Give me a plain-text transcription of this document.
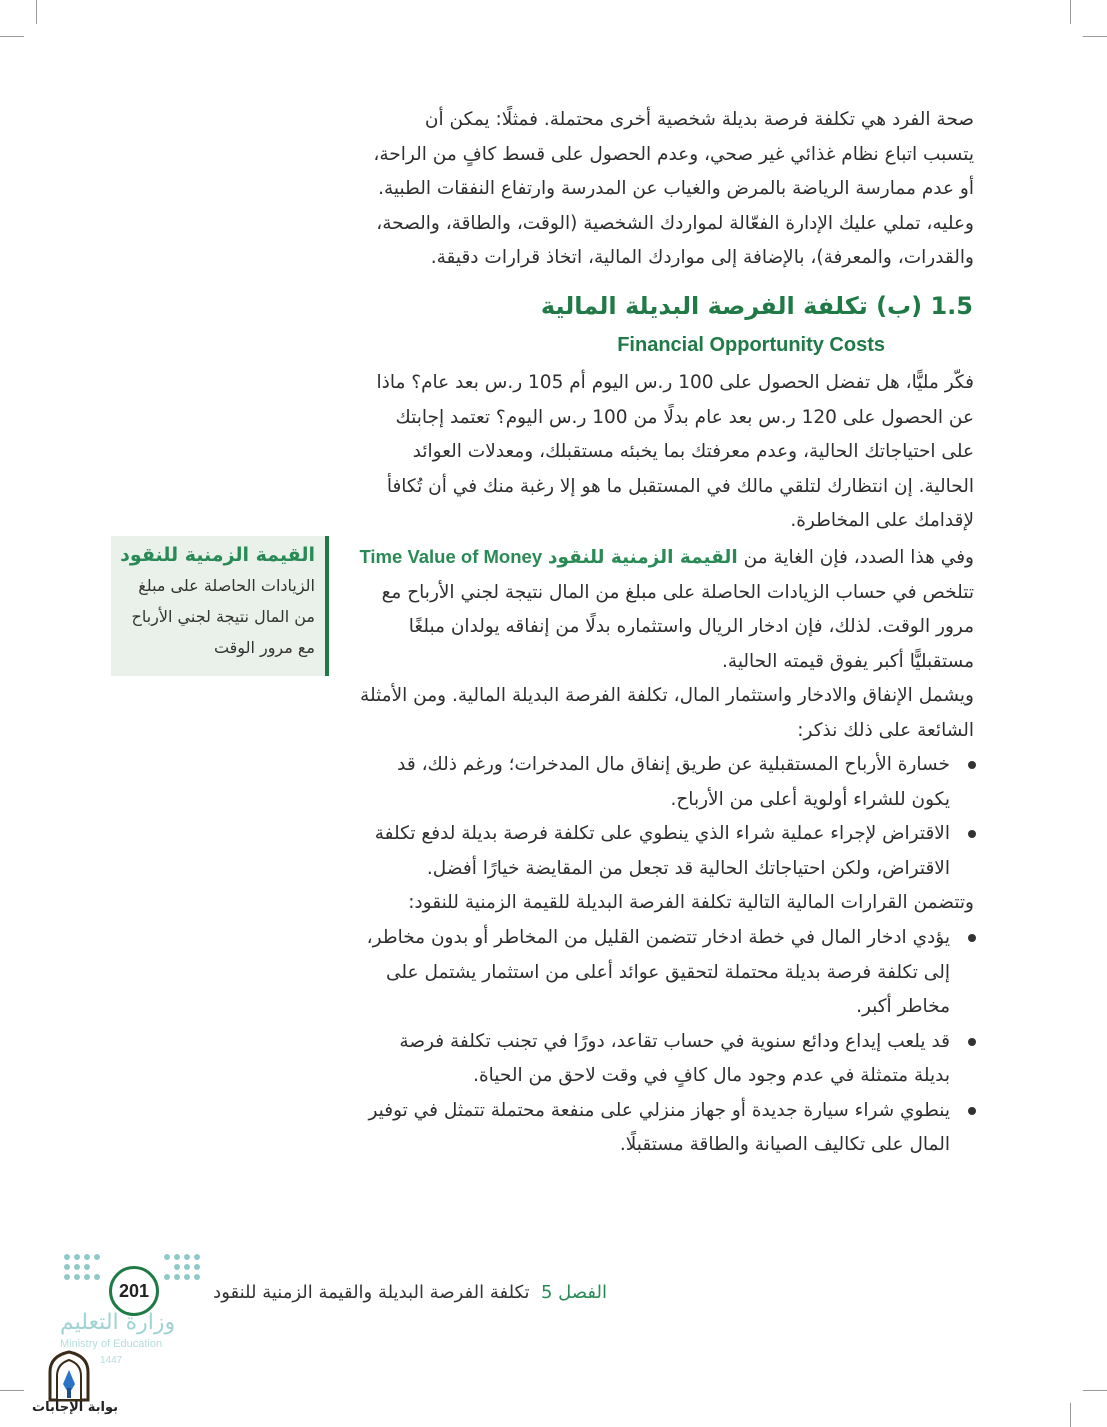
صحة الفرد هي تكلفة فرصة بديلة شخصية أخرى محتملة. فمثلًا: يمكن أن

يتسبب اتباع نظام غذائي غير صحي، وعدم الحصول على قسط كافٍ من الراحة،

أو عدم ممارسة الرياضة بالمرض والغياب عن المدرسة وارتفاع النفقات الطبية.

وعليه، تملي عليك الإدارة الفعّالة لمواردك الشخصية (الوقت، والطاقة، والصحة،

والقدرات، والمعرفة)، بالإضافة إلى مواردك المالية، اتخاذ قرارات دقيقة.

1.5 (ب) تكلفة الفرصة البديلة المالية
Financial Opportunity Costs

فكّر مليًّا، هل تفضل الحصول على 100 ر.س اليوم أم 105 ر.س بعد عام؟ ماذا

عن الحصول على 120 ر.س بعد عام بدلًا من 100 ر.س اليوم؟ تعتمد إجابتك

على احتياجاتك الحالية، وعدم معرفتك بما يخبئه مستقبلك، ومعدلات العوائد

الحالية. إن انتظارك لتلقي مالك في المستقبل ما هو إلا رغبة منك في أن تُكافأ

لإقدامك على المخاطرة.

وفي هذا الصدد، فإن الغاية من القيمة الزمنية للنقود Time Value of Money

تتلخص في حساب الزيادات الحاصلة على مبلغ من المال نتيجة لجني الأرباح مع

مرور الوقت. لذلك، فإن ادخار الريال واستثماره بدلًا من إنفاقه يولدان مبلغًا

مستقبليًّا أكبر يفوق قيمته الحالية.

القيمة الزمنية للنقود
الزيادات الحاصلة على مبلغ
من المال نتيجة لجني الأرباح
مع مرور الوقت

ويشمل الإنفاق والادخار واستثمار المال، تكلفة الفرصة البديلة المالية. ومن الأمثلة

الشائعة على ذلك نذكر:

خسارة الأرباح المستقبلية عن طريق إنفاق مال المدخرات؛ ورغم ذلك، قد
يكون للشراء أولوية أعلى من الأرباح.
الاقتراض لإجراء عملية شراء الذي ينطوي على تكلفة فرصة بديلة لدفع تكلفة
الاقتراض، ولكن احتياجاتك الحالية قد تجعل من المقايضة خيارًا أفضل.

وتتضمن القرارات المالية التالية تكلفة الفرصة البديلة للقيمة الزمنية للنقود:

يؤدي ادخار المال في خطة ادخار تتضمن القليل من المخاطر أو بدون مخاطر،
إلى تكلفة فرصة بديلة محتملة لتحقيق عوائد أعلى من استثمار يشتمل على
مخاطر أكبر.
قد يلعب إيداع ودائع سنوية في حساب تقاعد، دورًا في تجنب تكلفة فرصة
بديلة متمثلة في عدم وجود مال كافٍ في وقت لاحق من الحياة.
ينطوي شراء سيارة جديدة أو جهاز منزلي على منفعة محتملة تتمثل في توفير
المال على تكاليف الصيانة والطاقة مستقبلًا.
الفصل 5  تكلفة الفرصة البديلة والقيمة الزمنية للنقود
201
وزارة التعليم
Ministry of Education
1447
بوابة الإجابات
